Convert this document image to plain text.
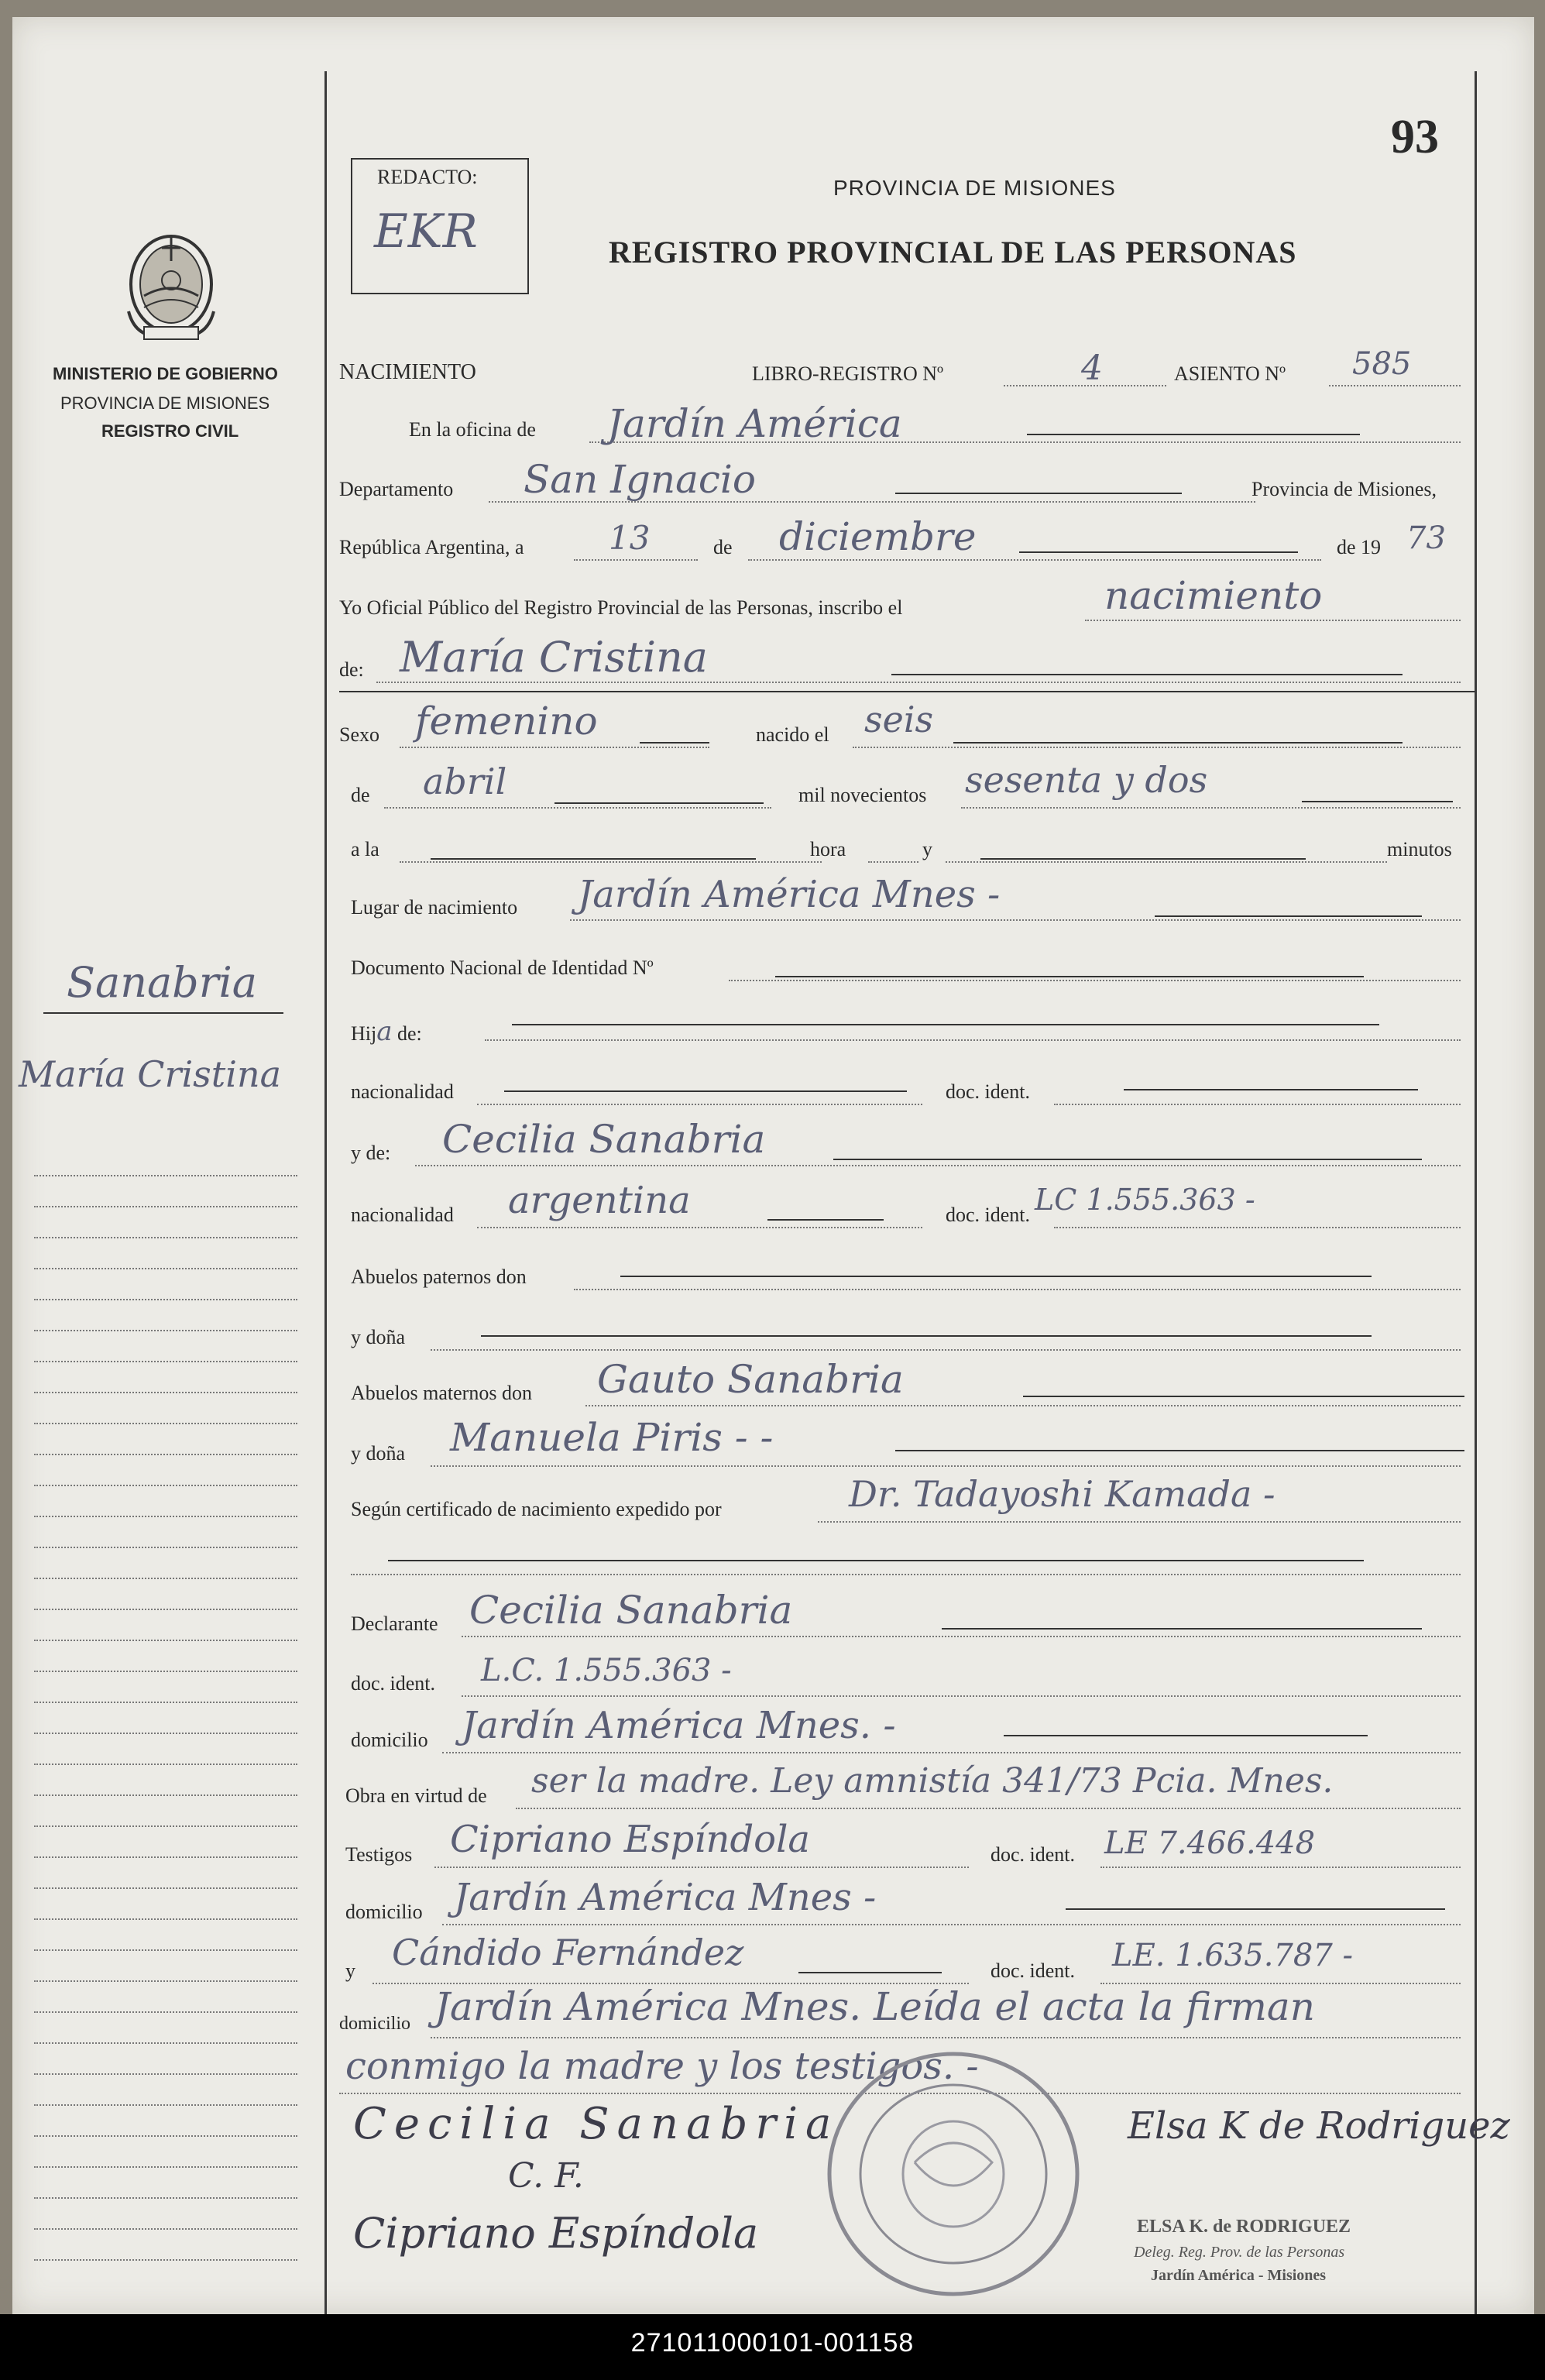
93
REDACTO:
EKR
PROVINCIA DE MISIONES
REGISTRO PROVINCIAL DE LAS PERSONAS
MINISTERIO DE GOBIERNO
PROVINCIA DE MISIONES
REGISTRO CIVIL
Sanabria
María Cristina
NACIMIENTO	LIBRO-REGISTRO Nº	4	ASIENTO Nº 585
En la oficina de Jardín América
Departamento San Ignacio	Provincia de Misiones,
República Argentina, a	13	de diciembre	de 19 73
Yo Oficial Público del Registro Provincial de las Personas, inscribo el	nacimiento
de: María Cristina
Sexo femenino	nacido el seis
de abril	mil novecientos sesenta y dos
a la	hora	y	minutos
Lugar de nacimiento Jardín América Mnes -
Documento Nacional de Identidad Nº
Hija de:
nacionalidad	doc. ident.
y de: Cecilia Sanabria
nacionalidad argentina	doc. ident. LC 1.555.363 -
Abuelos paternos don
y doña
Abuelos maternos don Gauto Sanabria
y doña Manuela Piris - -
Según certificado de nacimiento expedido por	Dr. Tadayoshi Kamada -
Declarante Cecilia Sanabria
doc. ident. L.C. 1.555.363 -
domicilio Jardín América Mnes. -
Obra en virtud de ser la madre. Ley amnistía 341/73 Pcia. Mnes.
Testigos Cipriano Espíndola	doc. ident. LE 7.466.448
domicilio Jardín América Mnes -
y Cándido Fernández	doc. ident. LE. 1.635.787 -
domicilio Jardín América Mnes. Leída el acta la firman
conmigo la madre y los testigos. -
Cecilia Sanabria
C. F.
Cipriano Espíndola
Elsa K de Rodriguez
ELSA K. de RODRIGUEZ
Deleg. Reg. Prov. de las Personas
Jardín América - Misiones
271011000101-001158
